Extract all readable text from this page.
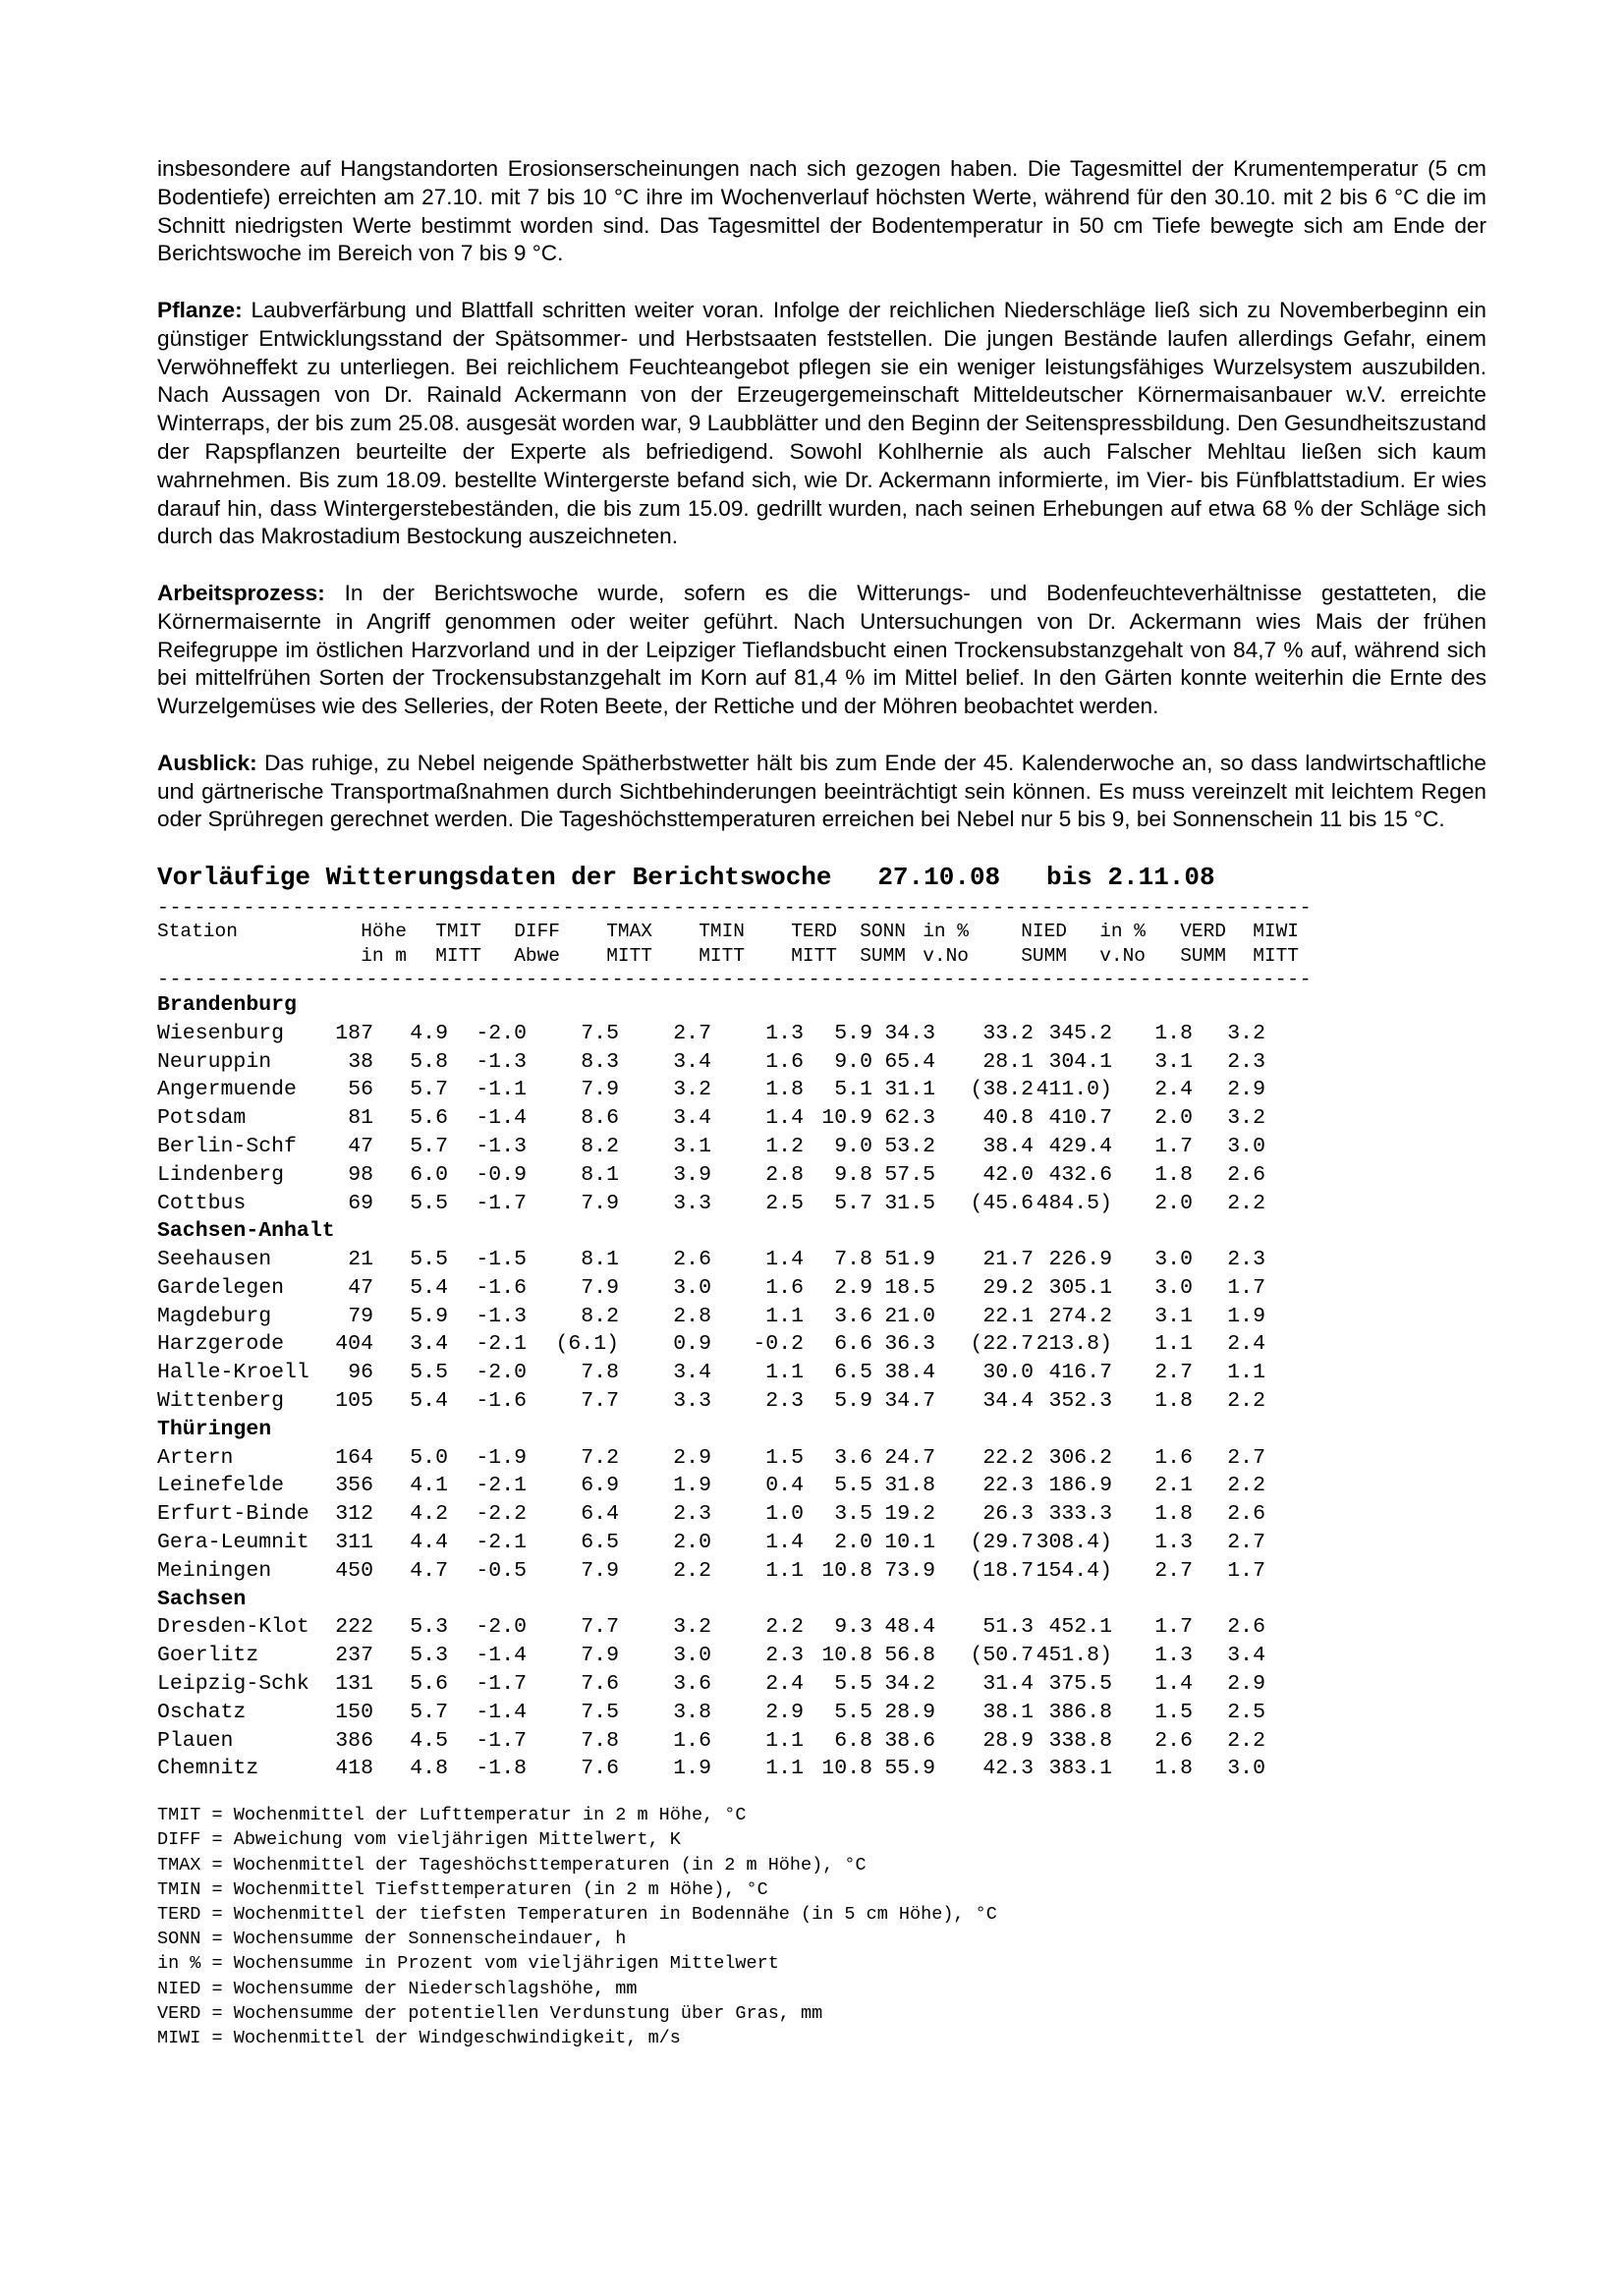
insbesondere auf Hangstandorten Erosionserscheinungen nach sich gezogen haben. Die Tagesmittel der Krumentemperatur (5 cm Bodentiefe) erreichten am 27.10. mit 7 bis 10 °C ihre im Wochenverlauf höchsten Werte, während für den 30.10. mit 2 bis 6 °C die im Schnitt niedrigsten Werte bestimmt worden sind. Das Tagesmittel der Bodentemperatur in 50 cm Tiefe bewegte sich am Ende der Berichtswoche im Bereich von 7 bis 9 °C.

Pflanze: Laubverfärbung und Blattfall schritten weiter voran. Infolge der reichlichen Niederschläge ließ sich zu Novemberbeginn ein günstiger Entwicklungsstand der Spätsommer- und Herbstsaaten feststellen. Die jungen Bestände laufen allerdings Gefahr, einem Verwöhneffekt zu unterliegen. Bei reichlichem Feuchteangebot pflegen sie ein weniger leistungsfähiges Wurzelsystem auszubilden. Nach Aussagen von Dr. Rainald Ackermann von der Erzeugergemeinschaft Mitteldeutscher Körnermaisanbauer w.V. erreichte Winterraps, der bis zum 25.08. ausgesät worden war, 9 Laubblätter und den Beginn der Seitenspressbildung. Den Gesundheitszustand der Rapspflanzen beurteilte der Experte als befriedigend. Sowohl Kohlhernie als auch Falscher Mehltau ließen sich kaum wahrnehmen. Bis zum 18.09. bestellte Wintergerste befand sich, wie Dr. Ackermann informierte, im Vier- bis Fünfblattstadium. Er wies darauf hin, dass Wintergerstebeständen, die bis zum 15.09. gedrillt wurden, nach seinen Erhebungen auf etwa 68 % der Schläge sich durch das Makrostadium Bestockung auszeichneten.

Arbeitsprozess: In der Berichtswoche wurde, sofern es die Witterungs- und Bodenfeuchteverhältnisse gestatteten, die Körnermaisernte in Angriff genommen oder weiter geführt. Nach Untersuchungen von Dr. Ackermann wies Mais der frühen Reifegruppe im östlichen Harzvorland und in der Leipziger Tieflandsbucht einen Trockensubstanzgehalt von 84,7 % auf, während sich bei mittelfrühen Sorten der Trockensubstanzgehalt im Korn auf 81,4 % im Mittel belief. In den Gärten konnte weiterhin die Ernte des Wurzelgemüses wie des Selleries, der Roten Beete, der Rettiche und der Möhren beobachtet werden.

Ausblick: Das ruhige, zu Nebel neigende Spätherbstwetter hält bis zum Ende der 45. Kalenderwoche an, so dass landwirtschaftliche und gärtnerische Transportmaßnahmen durch Sichtbehinderungen beeinträchtigt sein können. Es muss vereinzelt mit leichtem Regen oder Sprühregen gerechnet werden. Die Tageshöchsttemperaturen erreichen bei Nebel nur 5 bis 9, bei Sonnenschein 11 bis 15 °C.

Vorläufige Witterungsdaten der Berichtswoche 27.10.08 bis 2.11.08
----------------------------------------------------------------------------------------------
Station	Höhe	TMIT	DIFF	TMAX	TMIN	TERD	SONN in %	NIED	in %	VERD	MIWI
in m	MITT	Abwe	MITT	MITT	MITT	SUMM v.No	SUMM	v.No	SUMM	MITT
----------------------------------------------------------------------------------------------
Brandenburg
Wiesenburg	187	4.9	-2.0	7.5	2.7	1.3	5.9 34.3	33.2 345.2	1.8	3.2
Neuruppin	38	5.8	-1.3	8.3	3.4	1.6	9.0 65.4	28.1 304.1	3.1	2.3
Angermuende	56	5.7	-1.1	7.9	3.2	1.8	5.1 31.1	(38.2 411.0)	2.4	2.9
Potsdam	81	5.6	-1.4	8.6	3.4	1.4 10.9 62.3	40.8 410.7	2.0	3.2
Berlin-Schf	47	5.7	-1.3	8.2	3.1	1.2	9.0 53.2	38.4 429.4	1.7	3.0
Lindenberg	98	6.0	-0.9	8.1	3.9	2.8	9.8 57.5	42.0 432.6	1.8	2.6
Cottbus	69	5.5	-1.7	7.9	3.3	2.5	5.7 31.5	(45.6 484.5)	2.0	2.2
Sachsen-Anhalt
Seehausen	21	5.5	-1.5	8.1	2.6	1.4	7.8 51.9	21.7 226.9	3.0	2.3
Gardelegen	47	5.4	-1.6	7.9	3.0	1.6	2.9 18.5	29.2 305.1	3.0	1.7
Magdeburg	79	5.9	-1.3	8.2	2.8	1.1	3.6 21.0	22.1 274.2	3.1	1.9
Harzgerode	404	3.4	-2.1	(6.1)	0.9	-0.2	6.6 36.3	(22.7 213.8)	1.1	2.4
Halle-Kroell	96	5.5	-2.0	7.8	3.4	1.1	6.5 38.4	30.0 416.7	2.7	1.1
Wittenberg	105	5.4	-1.6	7.7	3.3	2.3	5.9 34.7	34.4 352.3	1.8	2.2
Thüringen
Artern	164	5.0	-1.9	7.2	2.9	1.5	3.6 24.7	22.2 306.2	1.6	2.7
Leinefelde	356	4.1	-2.1	6.9	1.9	0.4	5.5 31.8	22.3 186.9	2.1	2.2
Erfurt-Binde	312	4.2	-2.2	6.4	2.3	1.0	3.5 19.2	26.3 333.3	1.8	2.6
Gera-Leumnit	311	4.4	-2.1	6.5	2.0	1.4	2.0 10.1	(29.7 308.4)	1.3	2.7
Meiningen	450	4.7	-0.5	7.9	2.2	1.1 10.8 73.9	(18.7 154.4)	2.7	1.7
Sachsen
Dresden-Klot	222	5.3	-2.0	7.7	3.2	2.2	9.3 48.4	51.3 452.1	1.7	2.6
Goerlitz	237	5.3	-1.4	7.9	3.0	2.3 10.8 56.8	(50.7 451.8)	1.3	3.4
Leipzig-Schk	131	5.6	-1.7	7.6	3.6	2.4	5.5 34.2	31.4 375.5	1.4	2.9
Oschatz	150	5.7	-1.4	7.5	3.8	2.9	5.5 28.9	38.1 386.8	1.5	2.5
Plauen	386	4.5	-1.7	7.8	1.6	1.1	6.8 38.6	28.9 338.8	2.6	2.2
Chemnitz	418	4.8	-1.8	7.6	1.9	1.1 10.8 55.9	42.3 383.1	1.8	3.0
TMIT = Wochenmittel der Lufttemperatur in 2 m Höhe, °C
DIFF = Abweichung vom vieljährigen Mittelwert, K
TMAX = Wochenmittel der Tageshöchsttemperaturen (in 2 m Höhe), °C
TMIN = Wochenmittel Tiefsttemperaturen (in 2 m Höhe), °C
TERD = Wochenmittel der tiefsten Temperaturen in Bodennähe (in 5 cm Höhe), °C
SONN = Wochensumme der Sonnenscheindauer, h
in % = Wochensumme in Prozent vom vieljährigen Mittelwert
NIED = Wochensumme der Niederschlagshöhe, mm
VERD = Wochensumme der potentiellen Verdunstung über Gras, mm
MIWI = Wochenmittel der Windgeschwindigkeit, m/s
